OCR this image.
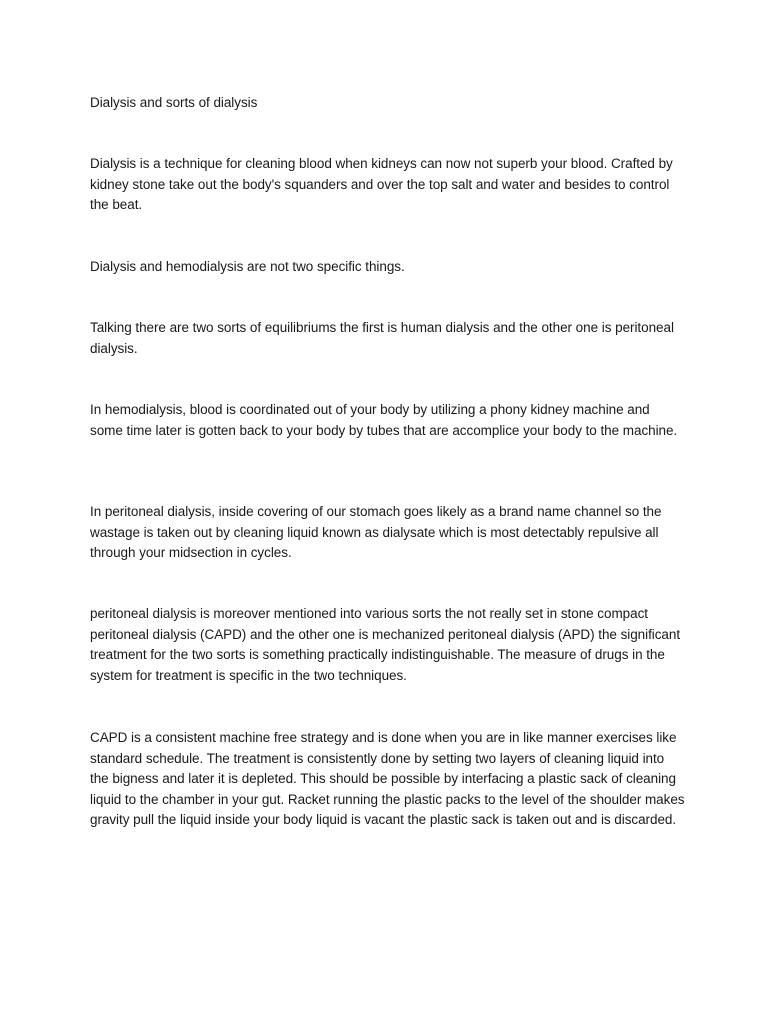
Dialysis and sorts of dialysis

Dialysis is a technique for cleaning blood when kidneys can now not superb your blood. Crafted by kidney stone take out the body's squanders and over the top salt and water and besides to control the beat.

Dialysis and hemodialysis are not two specific things.

Talking there are two sorts of equilibriums the first is human dialysis and the other one is peritoneal dialysis.

In hemodialysis, blood is coordinated out of your body by utilizing a phony kidney machine and some time later is gotten back to your body by tubes that are accomplice your body to the machine.

In peritoneal dialysis, inside covering of our stomach goes likely as a brand name channel so the wastage is taken out by cleaning liquid known as dialysate which is most detectably repulsive all through your midsection in cycles.

peritoneal dialysis is moreover mentioned into various sorts the not really set in stone compact peritoneal dialysis (CAPD) and the other one is mechanized peritoneal dialysis (APD) the significant treatment for the two sorts is something practically indistinguishable. The measure of drugs in the system for treatment is specific in the two techniques.

CAPD is a consistent machine free strategy and is done when you are in like manner exercises like standard schedule. The treatment is consistently done by setting two layers of cleaning liquid into the bigness and later it is depleted. This should be possible by interfacing a plastic sack of cleaning liquid to the chamber in your gut. Racket running the plastic packs to the level of the shoulder makes gravity pull the liquid inside your body liquid is vacant the plastic sack is taken out and is discarded.
